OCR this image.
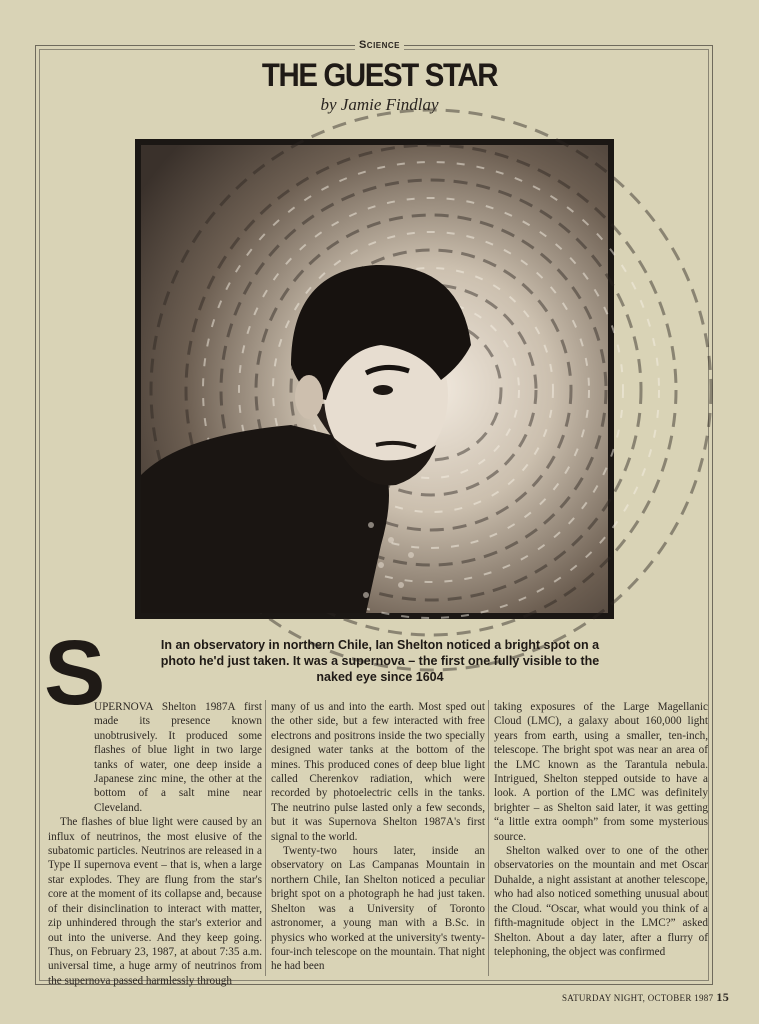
Science
THE GUEST STAR
by Jamie Findlay
S	In an observatory in northern Chile, Ian Shelton noticed a bright spot on a photo he'd just taken. It was a supernova – the first one fully visible to the naked eye since 1604

UPERNOVA Shelton 1987A first made its presence known unobtrusively. It produced some flashes of blue light in two large tanks of water, one deep inside a Japanese zinc mine, the other at the bottom of a salt mine near Cleveland.

The flashes of blue light were caused by an influx of neutrinos, the most elusive of the subatomic particles. Neutrinos are released in a Type II supernova event – that is, when a large star explodes. They are flung from the star's core at the moment of its collapse and, because of their disinclination to interact with matter, zip unhindered through the star's exterior and out into the universe. And they keep going. Thus, on February 23, 1987, at about 7:35 a.m. universal time, a huge army of neutrinos from the supernova passed harmlessly through

many of us and into the earth. Most sped out the other side, but a few interacted with free electrons and positrons inside the two specially designed water tanks at the bottom of the mines. This produced cones of deep blue light called Cherenkov radiation, which were recorded by photoelectric cells in the tanks. The neutrino pulse lasted only a few seconds, but it was Supernova Shelton 1987A's first signal to the world.

Twenty-two hours later, inside an observatory on Las Campanas Mountain in northern Chile, Ian Shelton noticed a peculiar bright spot on a photograph he had just taken. Shelton was a University of Toronto astronomer, a young man with a B.Sc. in physics who worked at the university's twenty-four-inch telescope on the mountain. That night he had been

taking exposures of the Large Magellanic Cloud (LMC), a galaxy about 160,000 light years from earth, using a smaller, ten-inch, telescope. The bright spot was near an area of the LMC known as the Tarantula nebula. Intrigued, Shelton stepped outside to have a look. A portion of the LMC was definitely brighter – as Shelton said later, it was getting “a little extra oomph” from some mysterious source.

Shelton walked over to one of the other observatories on the mountain and met Oscar Duhalde, a night assistant at another telescope, who had also noticed something unusual about the Cloud. “Oscar, what would you think of a fifth-magnitude object in the LMC?” asked Shelton. About a day later, after a flurry of telephoning, the object was confirmed

SATURDAY NIGHT, OCTOBER 1987 15
